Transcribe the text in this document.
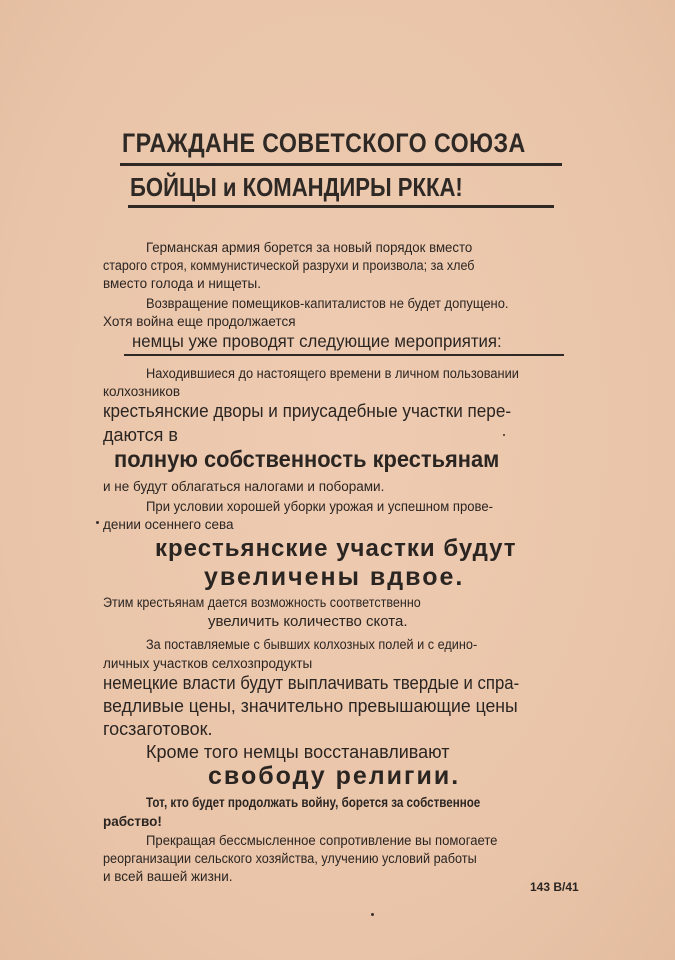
ГРАЖДАНЕ СОВЕТСКОГО СОЮЗА
БОЙЦЫ и КОМАНДИРЫ РККА!
Германская армия борется за новый порядок вместо
старого строя, коммунистической разрухи и произвола; за хлеб
вместо голода и нищеты.
Возвращение помещиков-капиталистов не будет допущено.
Хотя война еще продолжается
немцы уже проводят следующие мероприятия:
Находившиеся до настоящего времени в личном пользовании
колхозников
крестьянские дворы и приусадебные участки пере-
даются в
полную собственность крестьянам
и не будут облагаться налогами и поборами.
При условии хорошей уборки урожая и успешном прове-
дении осеннего сева
крестьянские участки будут
увеличены вдвое.
Этим крестьянам дается возможность соответственно
увеличить количество скота.
За поставляемые с бывших колхозных полей и с едино-
личных участков селхозпродукты
немецкие власти будут выплачивать твердые и спра-
ведливые цены, значительно превышающие цены
госзаготовок.
Кроме того немцы восстанавливают
свободу религии.
Тот, кто будет продолжать войну, борется за собственное
рабство!
Прекращая бессмысленное сопротивление вы помогаете
реорганизации сельского хозяйства, улучению условий работы
и всей вашей жизни.
143 В/41
